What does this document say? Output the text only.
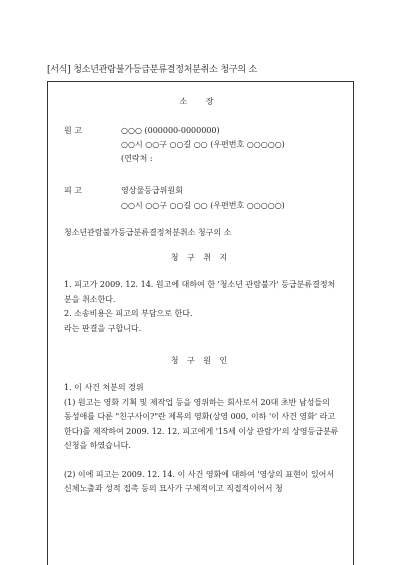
[서식] 청소년관람불가등급분류결정처분취소 청구의 소
소 장
원 고	○○○ (000000-0000000)
○○시 ○○구 ○○길 ○○ (우편번호 ○○○○○)
(연락처 :
피 고	영상물등급위원회
○○시 ○○구 ○○길 ○○ (우편번호 ○○○○○)
청소년관람불가등급분류결정처분취소 청구의 소
청 구 취 지

1. 피고가 2009. 12. 14. 원고에 대하여 한 '청소년 관람불가' 등급분류결정처분을 취소한다.

2. 소송비용은 피고의 부담으로 한다.

라는 판결을 구합니다.

청 구 원 인

1. 이 사건 처분의 경위

(1) 원고는 영화 기획 및 제작업 등을 영위하는 회사로서 20대 초반 남성들의 동성애를 다룬 "친구사이?"란 제목의 영화(상영 000, 이하 '이 사건 영화' 라고 한다)를 제작하여 2009. 12. 12. 피고에게 '15세 이상 관람가'의 상영등급분류 신청을 하였습니다.

(2) 이에 피고는 2009. 12. 14. 이 사건 영화에 대하여 '영상의 표현이 있어서 신체노출과 성적 접촉 등의 묘사가 구체적이고 직접적이어서 청
